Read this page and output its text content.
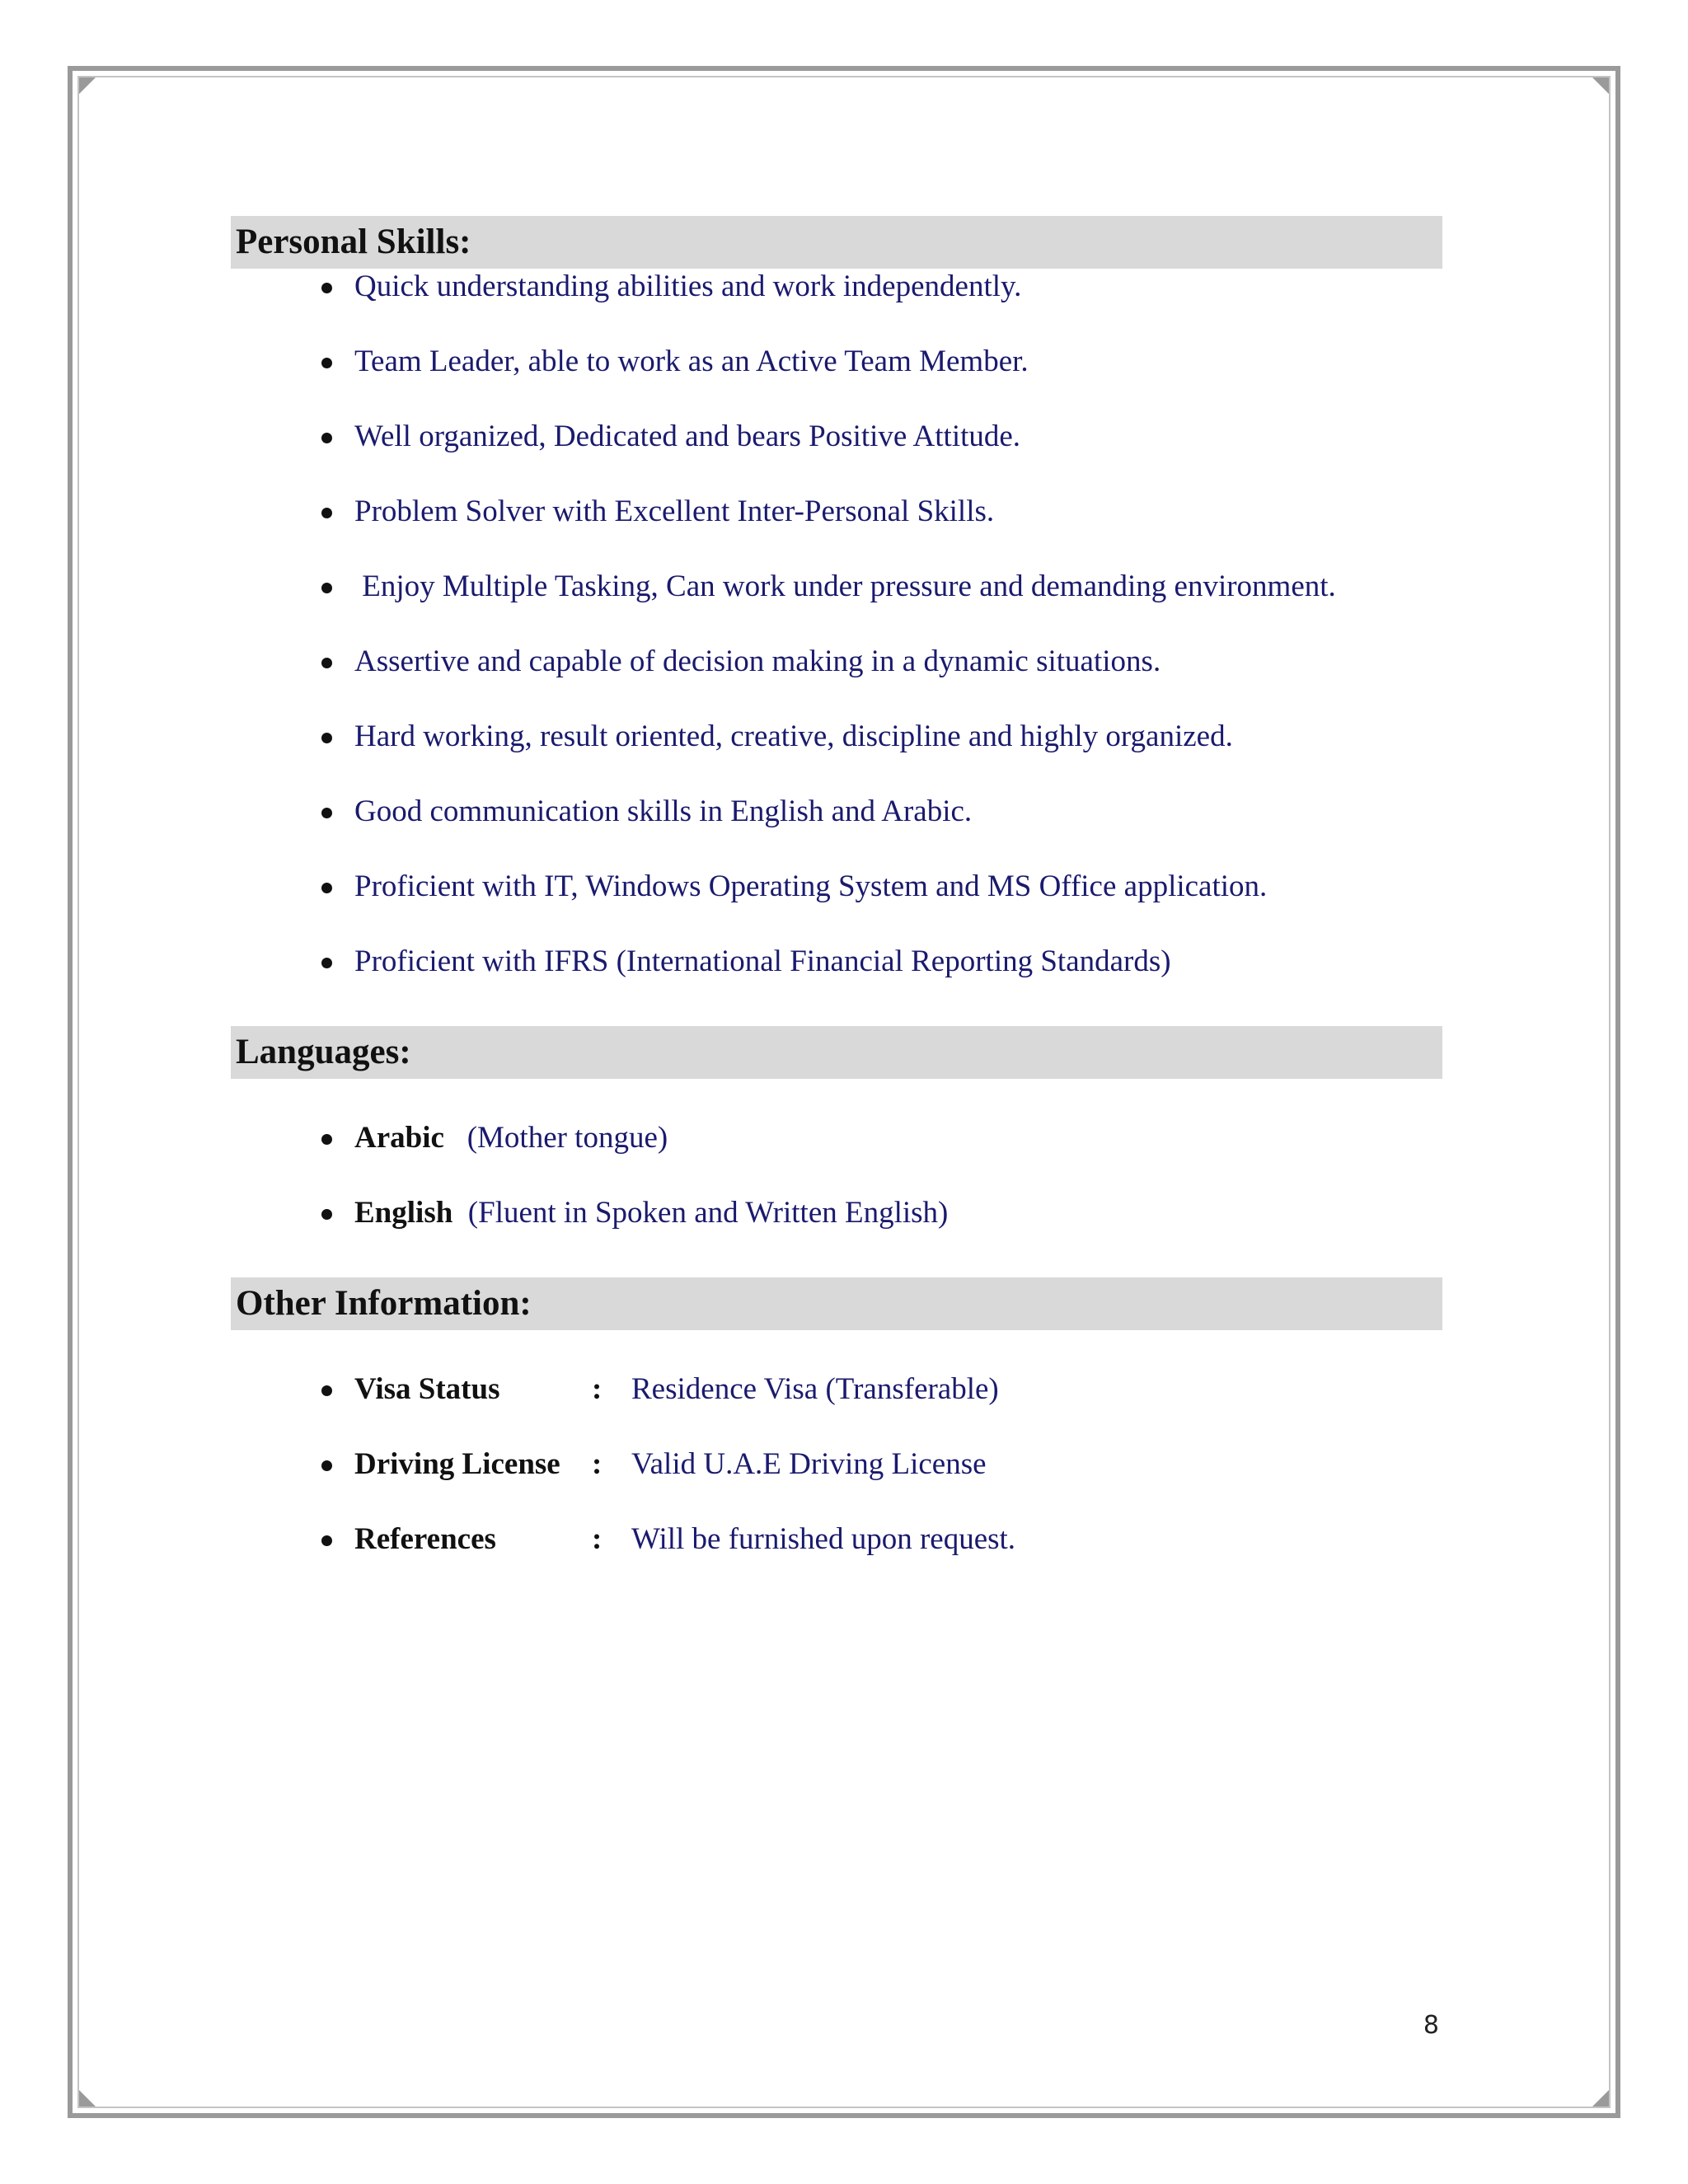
Personal Skills:
Quick understanding abilities and work independently.
Team Leader, able to work as an Active Team Member.
Well organized, Dedicated and bears Positive Attitude.
Problem Solver with Excellent Inter-Personal Skills.
Enjoy Multiple Tasking, Can work under pressure and demanding environment.
Assertive and capable of decision making in a dynamic situations.
Hard working, result oriented, creative, discipline and highly organized.
Good communication skills in English and Arabic.
Proficient with IT, Windows Operating System and MS Office application.
Proficient with IFRS (International Financial Reporting Standards)
Languages:
Arabic (Mother tongue)
English (Fluent in Spoken and Written English)
Other Information:
Visa Status	: Residence Visa (Transferable)
Driving License : Valid U.A.E Driving License
References	: Will be furnished upon request.
8
